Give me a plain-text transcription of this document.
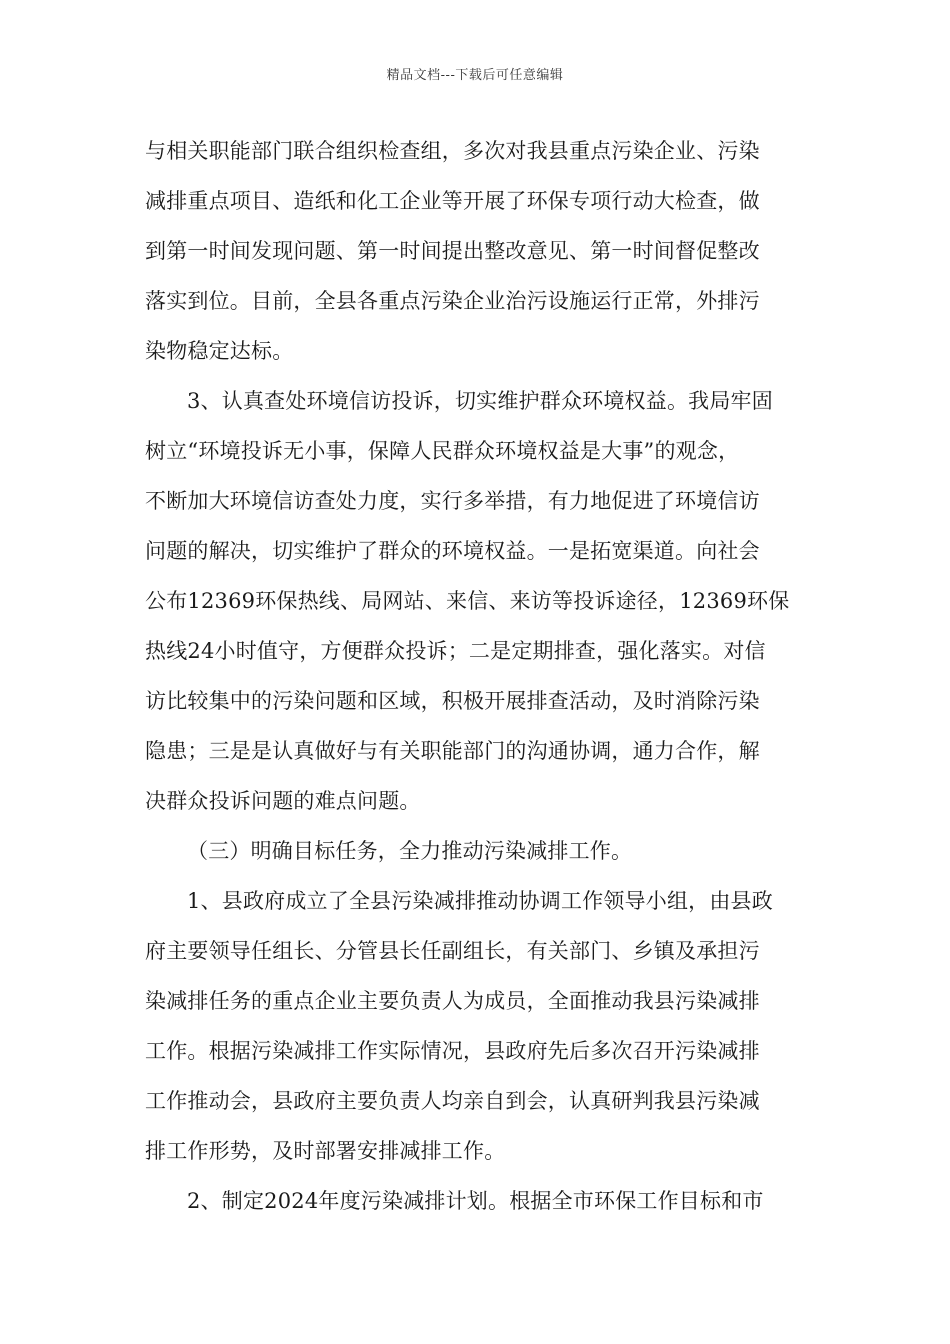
精品文档---下载后可任意编辑
与相关职能部门联合组织检查组，多次对我县重点污染企业、污染
减排重点项目、造纸和化工企业等开展了环保专项行动大检查，做
到第一时间发现问题、第一时间提出整改意见、第一时间督促整改
落实到位。目前，全县各重点污染企业治污设施运行正常，外排污
染物稳定达标。
3、认真查处环境信访投诉，切实维护群众环境权益。我局牢固
树立“环境投诉无小事，保障人民群众环境权益是大事”的观念，
不断加大环境信访查处力度，实行多举措，有力地促进了环境信访
问题的解决，切实维护了群众的环境权益。一是拓宽渠道。向社会
公布12369环保热线、局网站、来信、来访等投诉途径，12369环保
热线24小时值守，方便群众投诉；二是定期排查，强化落实。对信
访比较集中的污染问题和区域，积极开展排查活动，及时消除污染
隐患；三是是认真做好与有关职能部门的沟通协调，通力合作，解
决群众投诉问题的难点问题。
（三）明确目标任务，全力推动污染减排工作。
1、县政府成立了全县污染减排推动协调工作领导小组，由县政
府主要领导任组长、分管县长任副组长，有关部门、乡镇及承担污
染减排任务的重点企业主要负责人为成员，全面推动我县污染减排
工作。根据污染减排工作实际情况，县政府先后多次召开污染减排
工作推动会，县政府主要负责人均亲自到会，认真研判我县污染减
排工作形势，及时部署安排减排工作。
2、制定2024年度污染减排计划。根据全市环保工作目标和市
